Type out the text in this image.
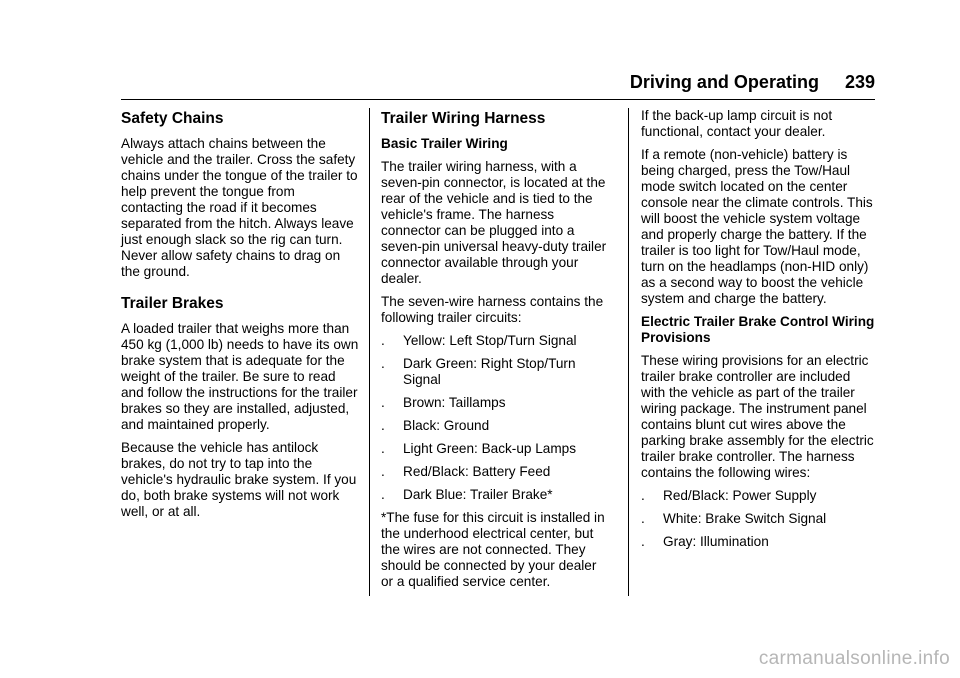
Driving and Operating 239
Safety Chains

Always attach chains between the vehicle and the trailer. Cross the safety chains under the tongue of the trailer to help prevent the tongue from contacting the road if it becomes separated from the hitch. Always leave just enough slack so the rig can turn. Never allow safety chains to drag on the ground.

Trailer Brakes

A loaded trailer that weighs more than 450 kg (1,000 lb) needs to have its own brake system that is adequate for the weight of the trailer. Be sure to read and follow the instructions for the trailer brakes so they are installed, adjusted, and maintained properly.

Because the vehicle has antilock brakes, do not try to tap into the vehicle's hydraulic brake system. If you do, both brake systems will not work well, or at all.

Trailer Wiring Harness
Basic Trailer Wiring

The trailer wiring harness, with a seven-pin connector, is located at the rear of the vehicle and is tied to the vehicle's frame. The harness connector can be plugged into a seven-pin universal heavy-duty trailer connector available through your dealer.

The seven-wire harness contains the following trailer circuits:

. Yellow: Left Stop/Turn Signal
. Dark Green: Right Stop/Turn Signal
. Brown: Taillamps
. Black: Ground
. Light Green: Back-up Lamps
. Red/Black: Battery Feed
. Dark Blue: Trailer Brake*

*The fuse for this circuit is installed in the underhood electrical center, but the wires are not connected. They should be connected by your dealer or a qualified service center.

If the back-up lamp circuit is not functional, contact your dealer.

If a remote (non-vehicle) battery is being charged, press the Tow/Haul mode switch located on the center console near the climate controls. This will boost the vehicle system voltage and properly charge the battery. If the trailer is too light for Tow/Haul mode, turn on the headlamps (non-HID only) as a second way to boost the vehicle system and charge the battery.

Electric Trailer Brake Control Wiring Provisions

These wiring provisions for an electric trailer brake controller are included with the vehicle as part of the trailer wiring package. The instrument panel contains blunt cut wires above the parking brake assembly for the electric trailer brake controller. The harness contains the following wires:

. Red/Black: Power Supply
. White: Brake Switch Signal
. Gray: Illumination
carmanualsonline.info
